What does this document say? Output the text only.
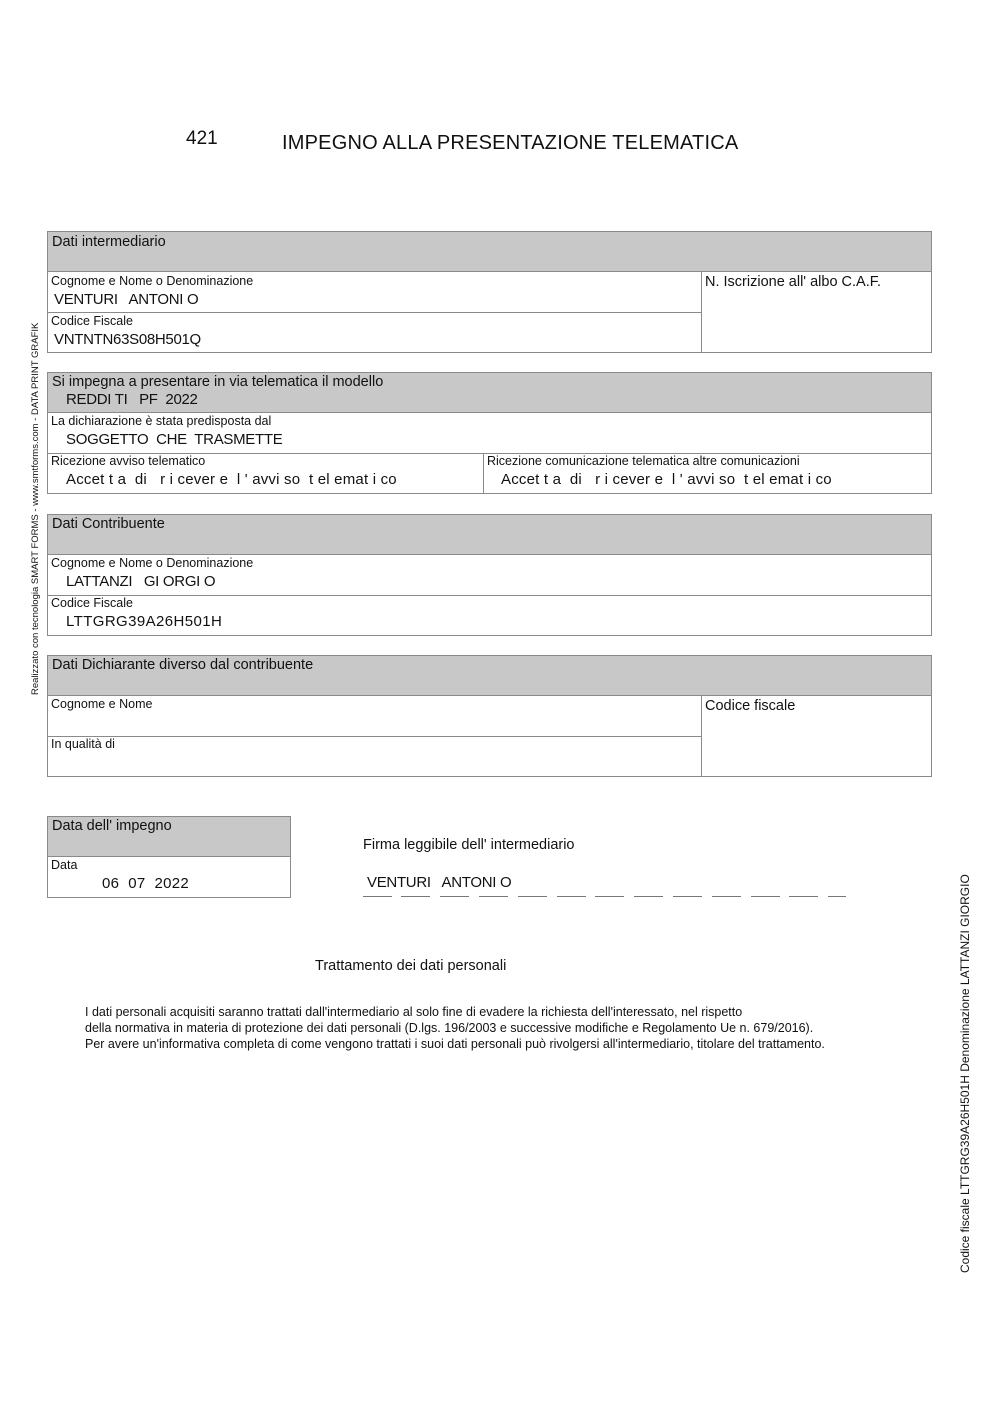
421	IMPEGNO ALLA PRESENTAZIONE TELEMATICA
Realizzato con tecnologia SMART FORMS - www.smtforms.com - DATA PRINT GRAFIK
Codice fiscale LTTGRG39A26H501H Denominazione LATTANZI GIORGIO
Dati intermediario
Cognome e Nome o Denominazione
VENTURI   ANTONI O
N. Iscrizione all' albo C.A.F.
Codice Fiscale
VNTNTN63S08H501Q
Si impegna a presentare in via telematica il modello
REDDI TI   PF  2022
La dichiarazione è stata predisposta dal
SOGGETTO  CHE  TRASMETTE
Ricezione avviso telematico
Accet t a  di   r i cever e  l ' avvi so  t el emat i co
Ricezione comunicazione telematica altre comunicazioni
Accet t a  di   r i cever e  l ' avvi so  t el emat i co
Dati Contribuente
Cognome e Nome o Denominazione
LATTANZI   GI ORGI O
Codice Fiscale
LTTGRG39A26H501H
Dati Dichiarante diverso dal contribuente
Cognome e Nome	Codice fiscale
In qualità di
Data dell' impegno
Data
06  07  2022
Firma leggibile dell' intermediario
VENTURI   ANTONI O
Trattamento dei dati personali
I dati personali acquisiti saranno trattati dall'intermediario al solo fine di evadere la richiesta dell'interessato, nel rispetto
della normativa in materia di protezione dei dati personali (D.lgs. 196/2003 e successive modifiche e Regolamento Ue n. 679/2016).
Per avere un'informativa completa di come vengono trattati i suoi dati personali può rivolgersi all'intermediario, titolare del trattamento.
